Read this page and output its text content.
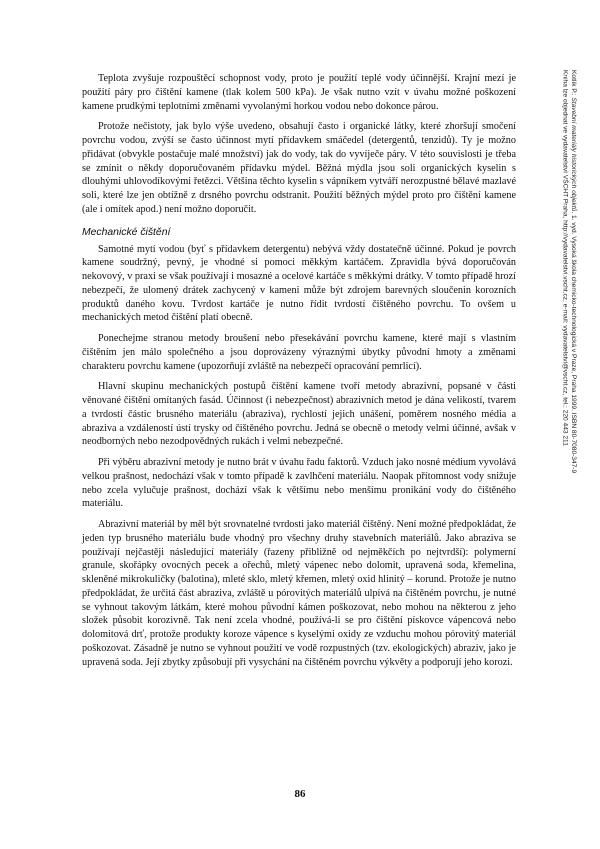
Teplota zvyšuje rozpouštěcí schopnost vody, proto je použití teplé vody účinnější. Krajní mezí je použití páry pro čištění kamene (tlak kolem 500 kPa). Je však nutno vzít v úvahu možné poškození kamene prudkými teplotními změnami vyvolanými horkou vodou nebo dokonce párou.

Protože nečistoty, jak bylo výše uvedeno, obsahují často i organické látky, které zhoršují smočení povrchu vodou, zvýší se často účinnost mytí přídavkem smáčedel (detergentů, tenzidů). Ty je možno přidávat (obvykle postačuje malé množství) jak do vody, tak do vyvíječe páry. V této souvislosti je třeba se zmínit o někdy doporučovaném přídavku mýdel. Běžná mýdla jsou soli organických kyselin s dlouhými uhlovodíkovými řetězci. Většina těchto kyselin s vápníkem vytváří nerozpustné bělavé mazlavé soli, které lze jen obtížně z drsného povrchu odstranit. Použití běžných mýdel proto pro čištění kamene (ale i omítek apod.) není možno doporučit.

Mechanické čištění

Samotné mytí vodou (byť s přídavkem detergentu) nebývá vždy dostatečně účinné. Pokud je povrch kamene soudržný, pevný, je vhodné si pomoci měkkým kartáčem. Zpravidla bývá doporučován nekovový, v praxi se však používají i mosazné a ocelové kartáče s měkkými drátky. V tomto případě hrozí nebezpečí, že ulomený drátek zachycený v kameni může být zdrojem barevných sloučenin korozních produktů daného kovu. Tvrdost kartáče je nutno řídit tvrdostí čištěného povrchu. To ovšem u mechanických metod čištění platí obecně.

Ponechejme stranou metody broušení nebo přesekávání povrchu kamene, které mají s vlastním čištěním jen málo společného a jsou doprovázeny výraznými úbytky původní hmoty a změnami charakteru povrchu kamene (upozorňují zvláště na nebezpečí opracování pemrlicí).

Hlavní skupinu mechanických postupů čištění kamene tvoří metody abrazivní, popsané v části věnované čištění omítaných fasád. Účinnost (i nebezpečnost) abrazivních metod je dána velikostí, tvarem a tvrdostí částic brusného materiálu (abraziva), rychlostí jejich unášení, poměrem nosného média a abraziva a vzdáleností ústí trysky od čištěného povrchu. Jedná se obecně o metody velmi účinné, avšak v neodborných nebo nezodpovědných rukách i velmi nebezpečné.

Při výběru abrazivní metody je nutno brát v úvahu řadu faktorů. Vzduch jako nosné médium vyvolává velkou prašnost, nedochází však v tomto případě k zavlhčení materiálu. Naopak přítomnost vody snižuje nebo zcela vylučuje prašnost, dochází však k většímu nebo menšímu pronikání vody do čištěného materiálu.

Abrazivní materiál by měl být srovnatelné tvrdosti jako materiál čištěný. Není možné předpokládat, že jeden typ brusného materiálu bude vhodný pro všechny druhy stavebních materiálů. Jako abraziva se používají nejčastěji následující materiály (řazeny přibližně od nejměkčích po nejtvrdší): polymerní granule, skořápky ovocných pecek a ořechů, mletý vápenec nebo dolomit, upravená soda, křemelina, skleněné mikrokuličky (balotina), mleté sklo, mletý křemen, mletý oxid hlinitý – korund. Protože je nutno předpokládat, že určitá část abraziva, zvláště u pórovitých materiálů ulpívá na čištěném povrchu, je nutné se vyhnout takovým látkám, které mohou původní kámen poškozovat, nebo mohou na některou z jeho složek působit korozivně. Tak není zcela vhodné, používá-li se pro čištění pískovce vápencová nebo dolomitová drť, protože produkty koroze vápence s kyselými oxidy ze vzduchu mohou pórovitý materiál poškozovat. Zásadně je nutno se vyhnout použití ve vodě rozpustných (tzv. ekologických) abraziv, jako je upravená soda. Její zbytky způsobují při vysychání na čištěném povrchu výkvěty a podporují jeho korozi.

86
Kotlík P.: Stavební materiály historických objektů. 1. vyd. Vysoká škola chemicko-technologická v Praze, Praha 1999. ISBN 80-7080-347-9
Kniha lze objednat ve vydavatelství VŠCHT Praha, http://vydavatelstvi.vscht.cz, e-mail: vydavatelstvi@vscht.cz, tel.: 220 443 211
